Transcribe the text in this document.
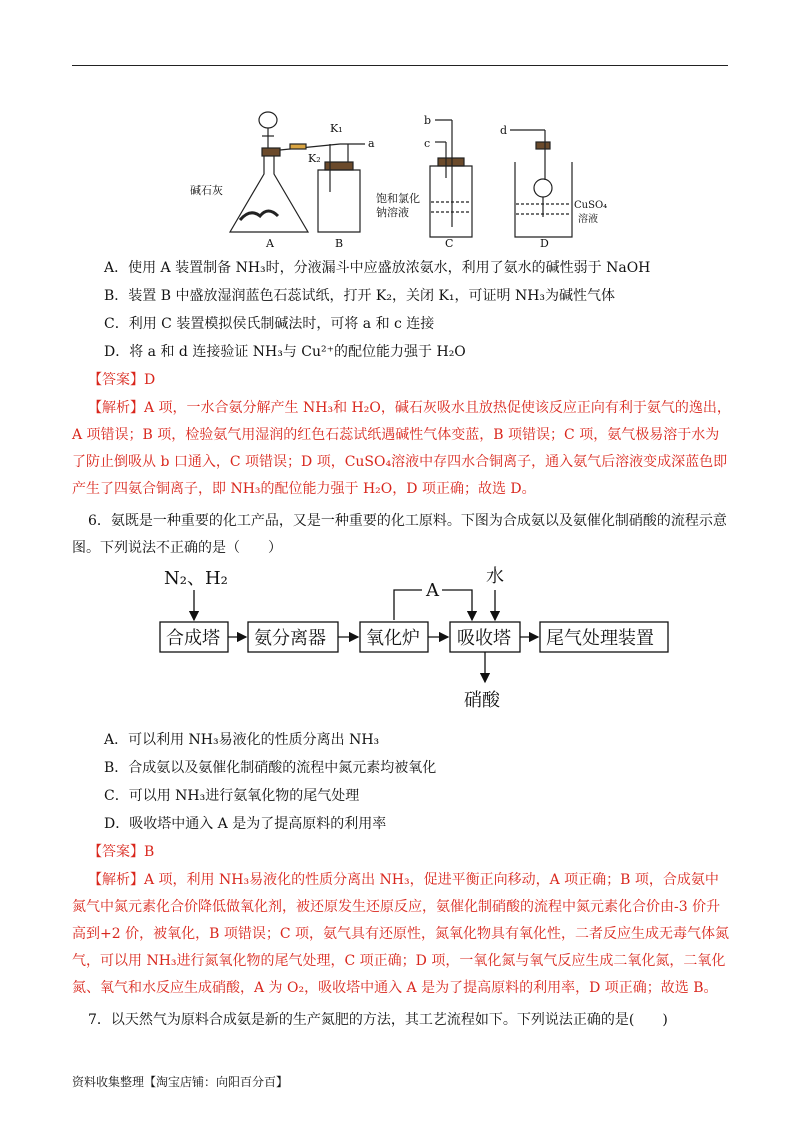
碱石灰
A	B	C	D
K₁
K₂
a
b
c
d
饱和氯化
钠溶液
CuSO₄
溶液
A．使用 A 装置制备 NH₃时，分液漏斗中应盛放浓氨水，利用了氨水的碱性弱于 NaOH
B．装置 B 中盛放湿润蓝色石蕊试纸，打开 K₂，关闭 K₁，可证明 NH₃为碱性气体
C．利用 C 装置模拟侯氏制碱法时，可将 a 和 c 连接
D．将 a 和 d 连接验证 NH₃与 Cu²⁺的配位能力强于 H₂O
【答案】D
【解析】A 项，一水合氨分解产生 NH₃和 H₂O，碱石灰吸水且放热促使该反应正向有利于氨气的逸出，A 项错误；B 项，检验氨气用湿润的红色石蕊试纸遇碱性气体变蓝，B 项错误；C 项，氨气极易溶于水为了防止倒吸从 b 口通入，C 项错误；D 项，CuSO₄溶液中存四水合铜离子，通入氨气后溶液变成深蓝色即产生了四氨合铜离子，即 NH₃的配位能力强于 H₂O，D 项正确；故选 D。
6．氨既是一种重要的化工产品，又是一种重要的化工原料。下图为合成氨以及氨催化制硝酸的流程示意图。下列说法不正确的是（　　）
N₂、H₂
合成塔 氨分离器 氧化炉 吸收塔 尾气处理装置
A
水
硝酸
A．可以利用 NH₃易液化的性质分离出 NH₃
B．合成氨以及氨催化制硝酸的流程中氮元素均被氧化
C．可以用 NH₃进行氨氧化物的尾气处理
D．吸收塔中通入 A 是为了提高原料的利用率
【答案】B
【解析】A 项，利用 NH₃易液化的性质分离出 NH₃，促进平衡正向移动，A 项正确；B 项，合成氨中氮气中氮元素化合价降低做氧化剂，被还原发生还原反应，氨催化制硝酸的流程中氮元素化合价由-3 价升高到+2 价，被氧化，B 项错误；C 项，氨气具有还原性，氮氧化物具有氧化性，二者反应生成无毒气体氮气，可以用 NH₃进行氮氧化物的尾气处理，C 项正确；D 项，一氧化氮与氧气反应生成二氧化氮，二氧化氮、氧气和水反应生成硝酸，A 为 O₂，吸收塔中通入 A 是为了提高原料的利用率，D 项正确；故选 B。
7．以天然气为原料合成氨是新的生产氮肥的方法，其工艺流程如下。下列说法正确的是(　　)
资料收集整理【淘宝店铺：向阳百分百】
